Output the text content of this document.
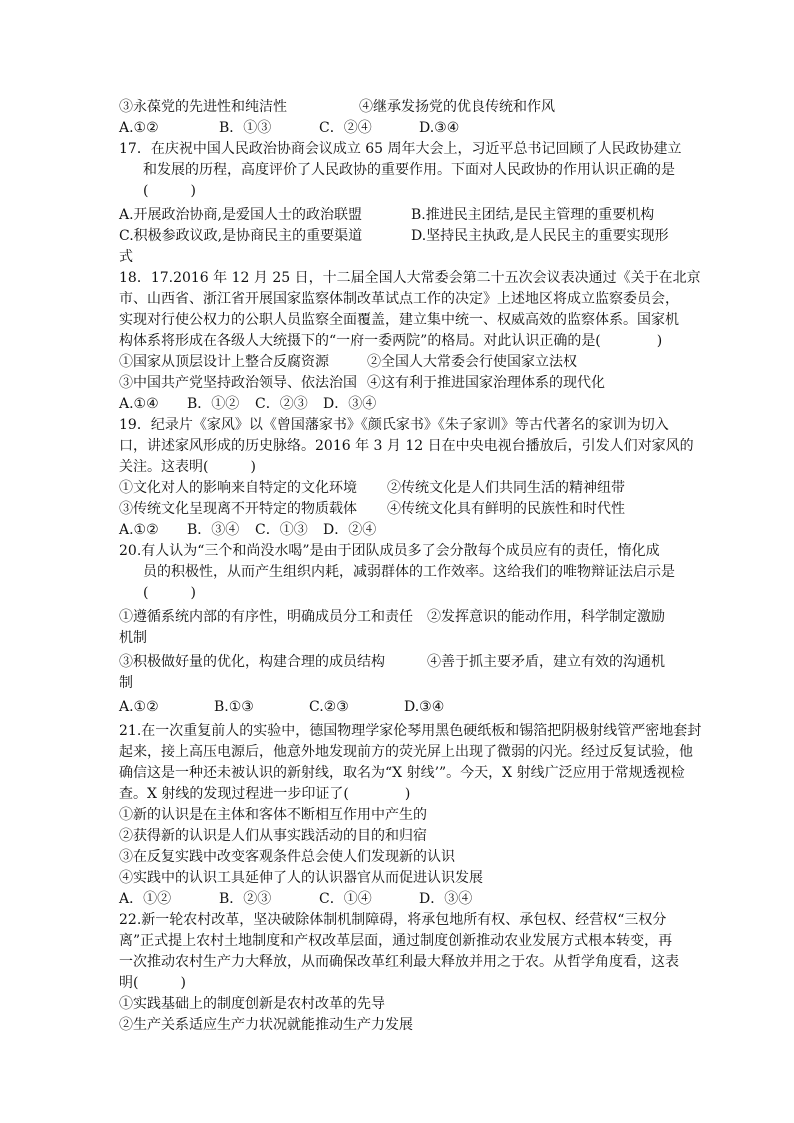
③永葆党的先进性和纯洁性	④继承发扬党的优良传统和作风
A.①②	B．①③	C．②④	D.③④
17．在庆祝中国人民政治协商会议成立 65 周年大会上，习近平总书记回顾了人民政协建立
和发展的历程，高度评价了人民政协的重要作用。下面对人民政协的作用认识正确的是
(　　　)
A.开展政治协商,是爱国人士的政治联盟	B.推进民主团结,是民主管理的重要机构
C.积极参政议政,是协商民主的重要渠道	D.坚持民主执政,是人民民主的重要实现形
式
18．17.2016 年 12 月 25 日，十二届全国人大常委会第二十五次会议表决通过《关于在北京
市、山西省、浙江省开展国家监察体制改革试点工作的决定》上述地区将成立监察委员会，
实现对行使公权力的公职人员监察全面覆盖，建立集中统一、权威高效的监察体系。国家机
构体系将形成在各级人大统摄下的“一府一委两院”的格局。对此认识正确的是(　　　　)
①国家从顶层设计上整合反腐资源	②全国人大常委会行使国家立法权
③中国共产党坚持政治领导、依法治国 ④这有利于推进国家治理体系的现代化
A.①④	B．①②	C．②③	D．③④
19．纪录片《家风》以《曾国藩家书》《颜氏家书》《朱子家训》等古代著名的家训为切入
口，讲述家风形成的历史脉络。2016 年 3 月 12 日在中央电视台播放后，引发人们对家风的
关注。这表明(　　　)
①文化对人的影响来自特定的文化环境	②传统文化是人们共同生活的精神纽带
③传统文化呈现离不开特定的物质载体	④传统文化具有鲜明的民族性和时代性
A.①②	B．③④	C．①③	D．②④
20.有人认为“三个和尚没水喝”是由于团队成员多了会分散每个成员应有的责任，惰化成
员的积极性，从而产生组织内耗，减弱群体的工作效率。这给我们的唯物辩证法启示是
(　　　)
①遵循系统内部的有序性，明确成员分工和责任	②发挥意识的能动作用，科学制定激励
机制
③积极做好量的优化，构建合理的成员结构	④善于抓主要矛盾，建立有效的沟通机
制
A.①②	B.①③	C.②③	D.③④
21.在一次重复前人的实验中，德国物理学家伦琴用黑色硬纸板和锡箔把阴极射线管严密地套封
起来，接上高压电源后，他意外地发现前方的荧光屏上出现了微弱的闪光。经过反复试验，他
确信这是一种还未被认识的新射线，取名为“X 射线’”。今天，X 射线广泛应用于常规透视检
查。X 射线的发现过程进一步印证了(　　　　)
①新的认识是在主体和客体不断相互作用中产生的
②获得新的认识是人们从事实践活动的目的和归宿
③在反复实践中改变客观条件总会使人们发现新的认识
④实践中的认识工具延伸了人的认识器官从而促进认识发展
A．①②	B．②③	C．①④	D．③④
22.新一轮农村改革，坚决破除体制机制障碍，将承包地所有权、承包权、经营权“三权分
离”正式提上农村土地制度和产权改革层面，通过制度创新推动农业发展方式根本转变，再
一次推动农村生产力大释放，从而确保改革红利最大释放并用之于农。从哲学角度看，这表
明(　　　)
①实践基础上的制度创新是农村改革的先导
②生产关系适应生产力状况就能推动生产力发展
